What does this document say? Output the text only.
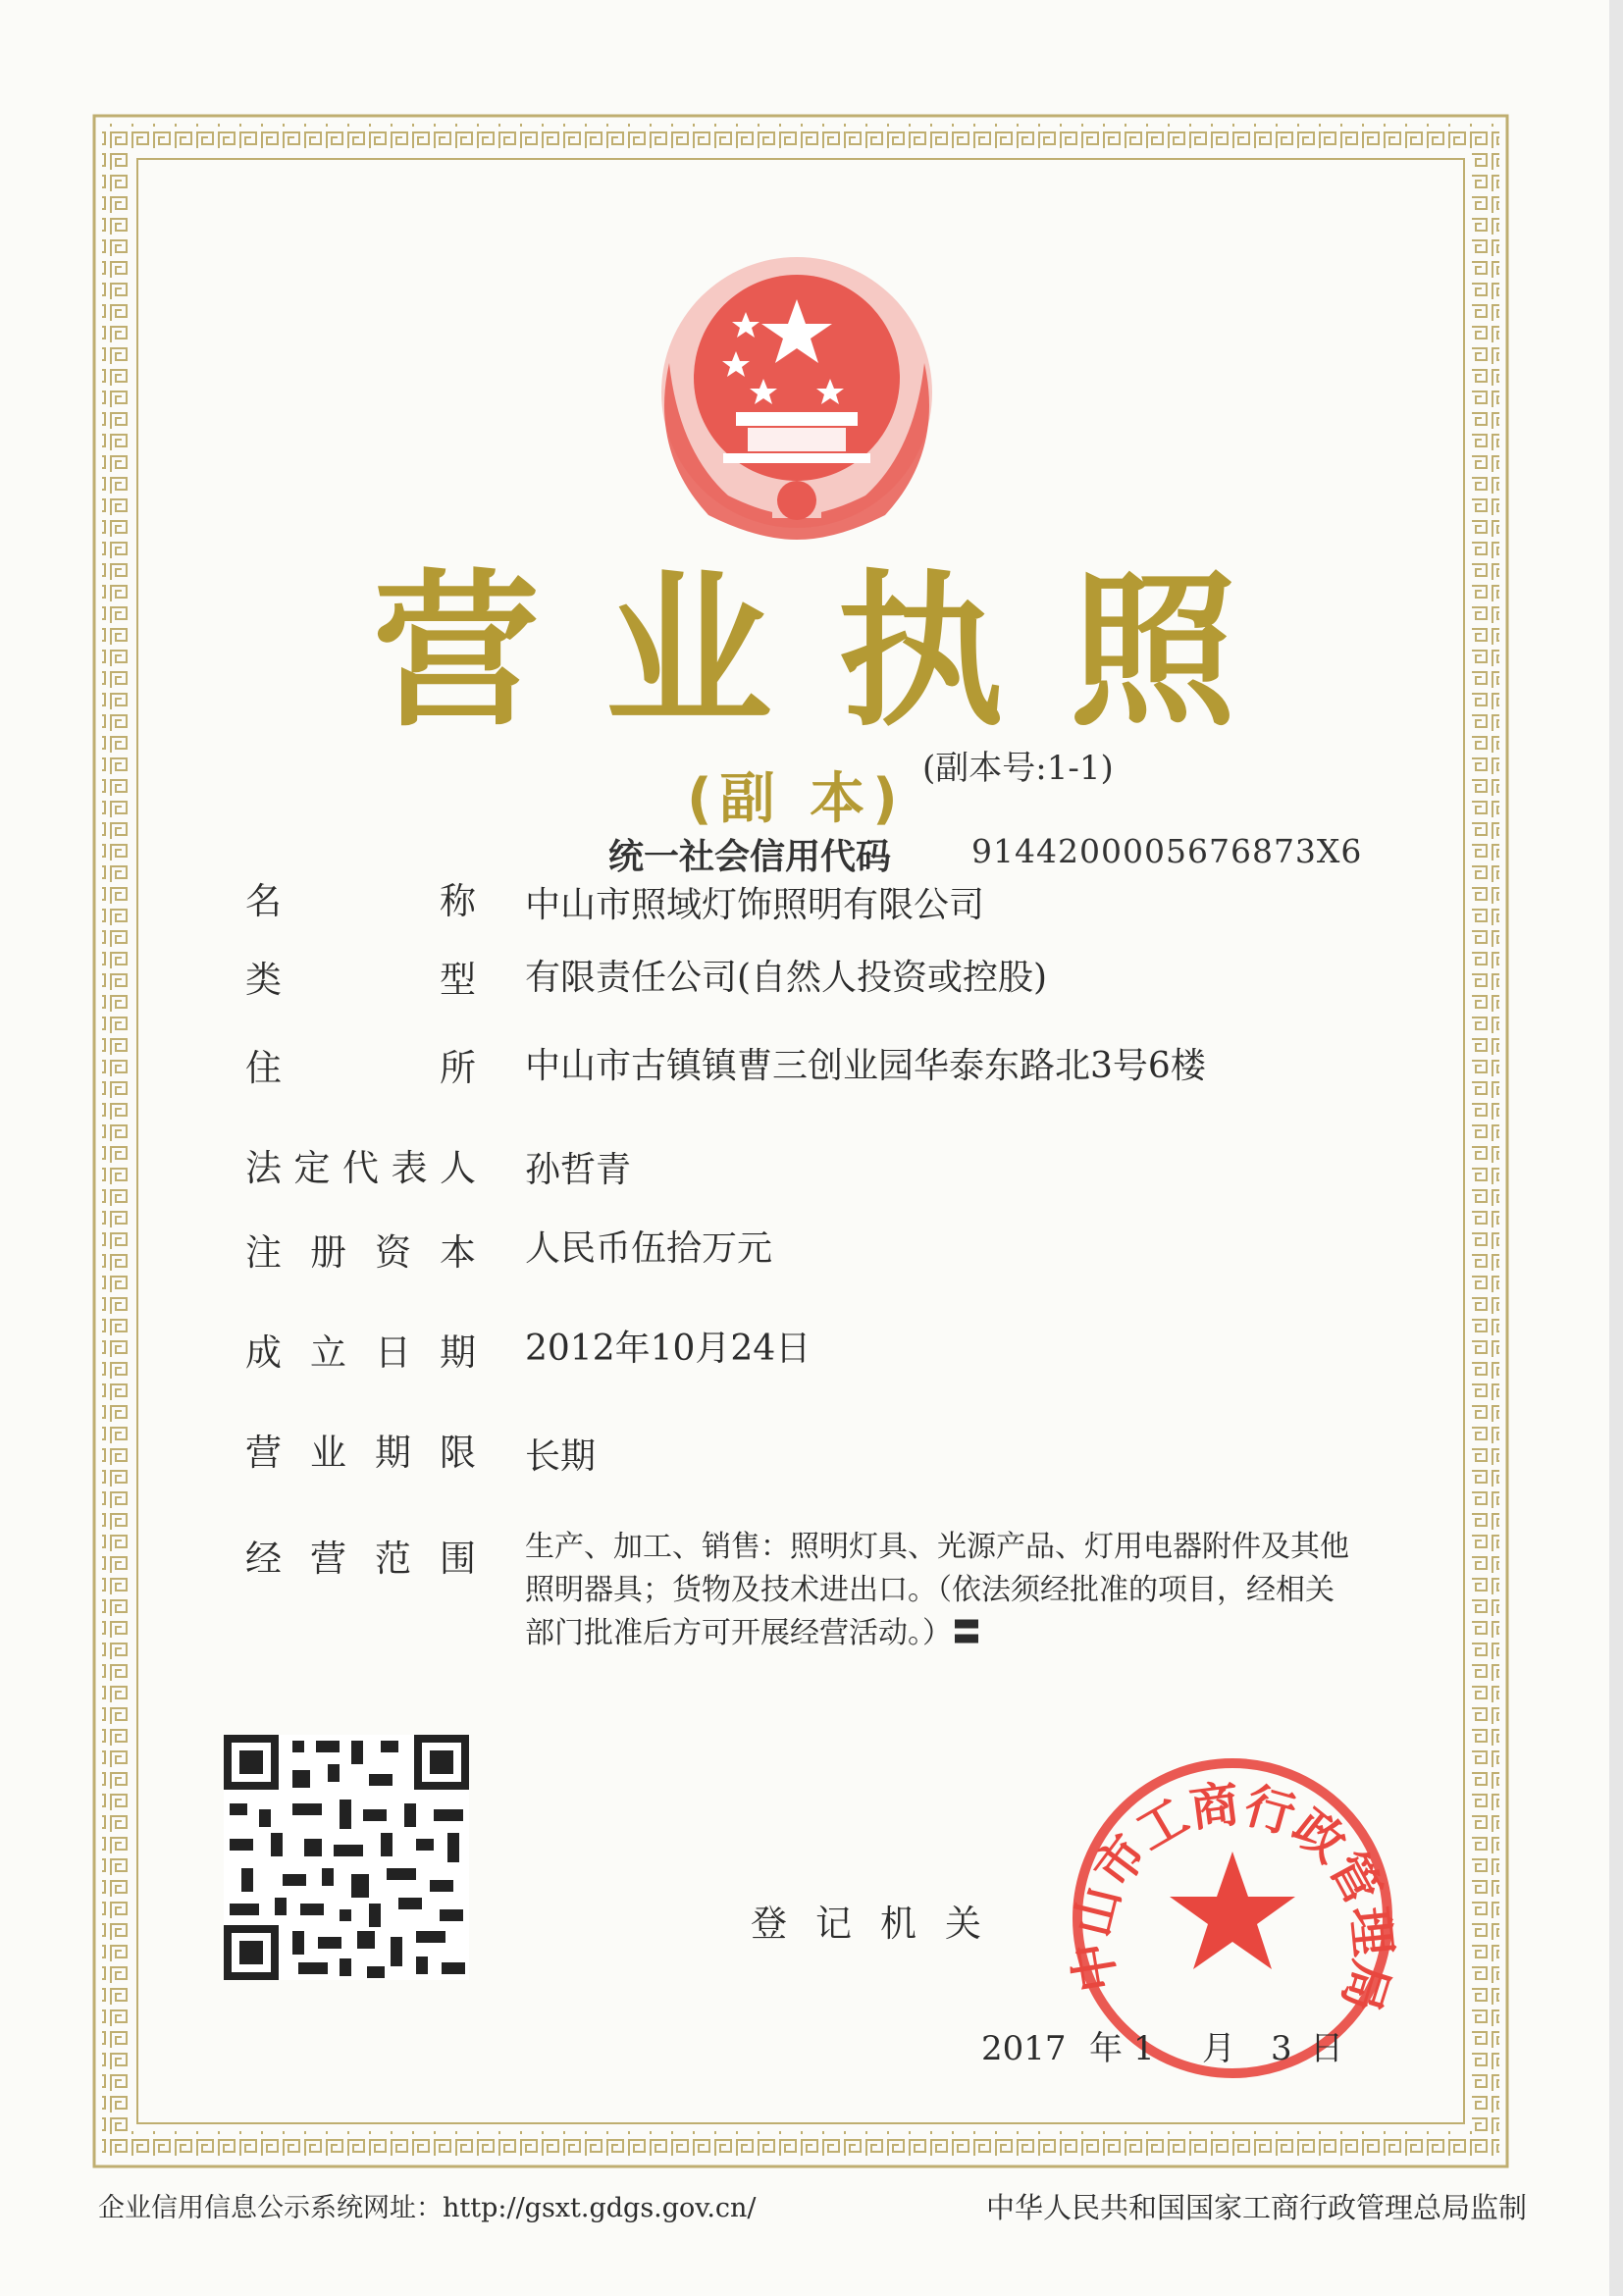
中山市工商行政管理局
营 业 执 照
(副 本) (副本号:1-1)
统一社会信用代码 9144200005676873X6
名	称 中山市照域灯饰照明有限公司
类	型 有限责任公司(自然人投资或控股)
住	所 中山市古镇镇曹三创业园华泰东路北3号6楼
法 定 代 表 人 孙哲青
注 册 资 本 人民币伍拾万元
成 立 日 期 2012年10月24日
营 业 期 限 长期
经 营 范 围 生产、加工、销售：照明灯具、光源产品、灯用电器附件及其他
照明器具；货物及技术进出口。（依法须经批准的项目，经相关
部门批准后方可开展经营活动。）〓
登 记 机 关
2017 年 1 月 3 日
企业信用信息公示系统网址：http://gsxt.gdgs.gov.cn/	中华人民共和国国家工商行政管理总局监制
